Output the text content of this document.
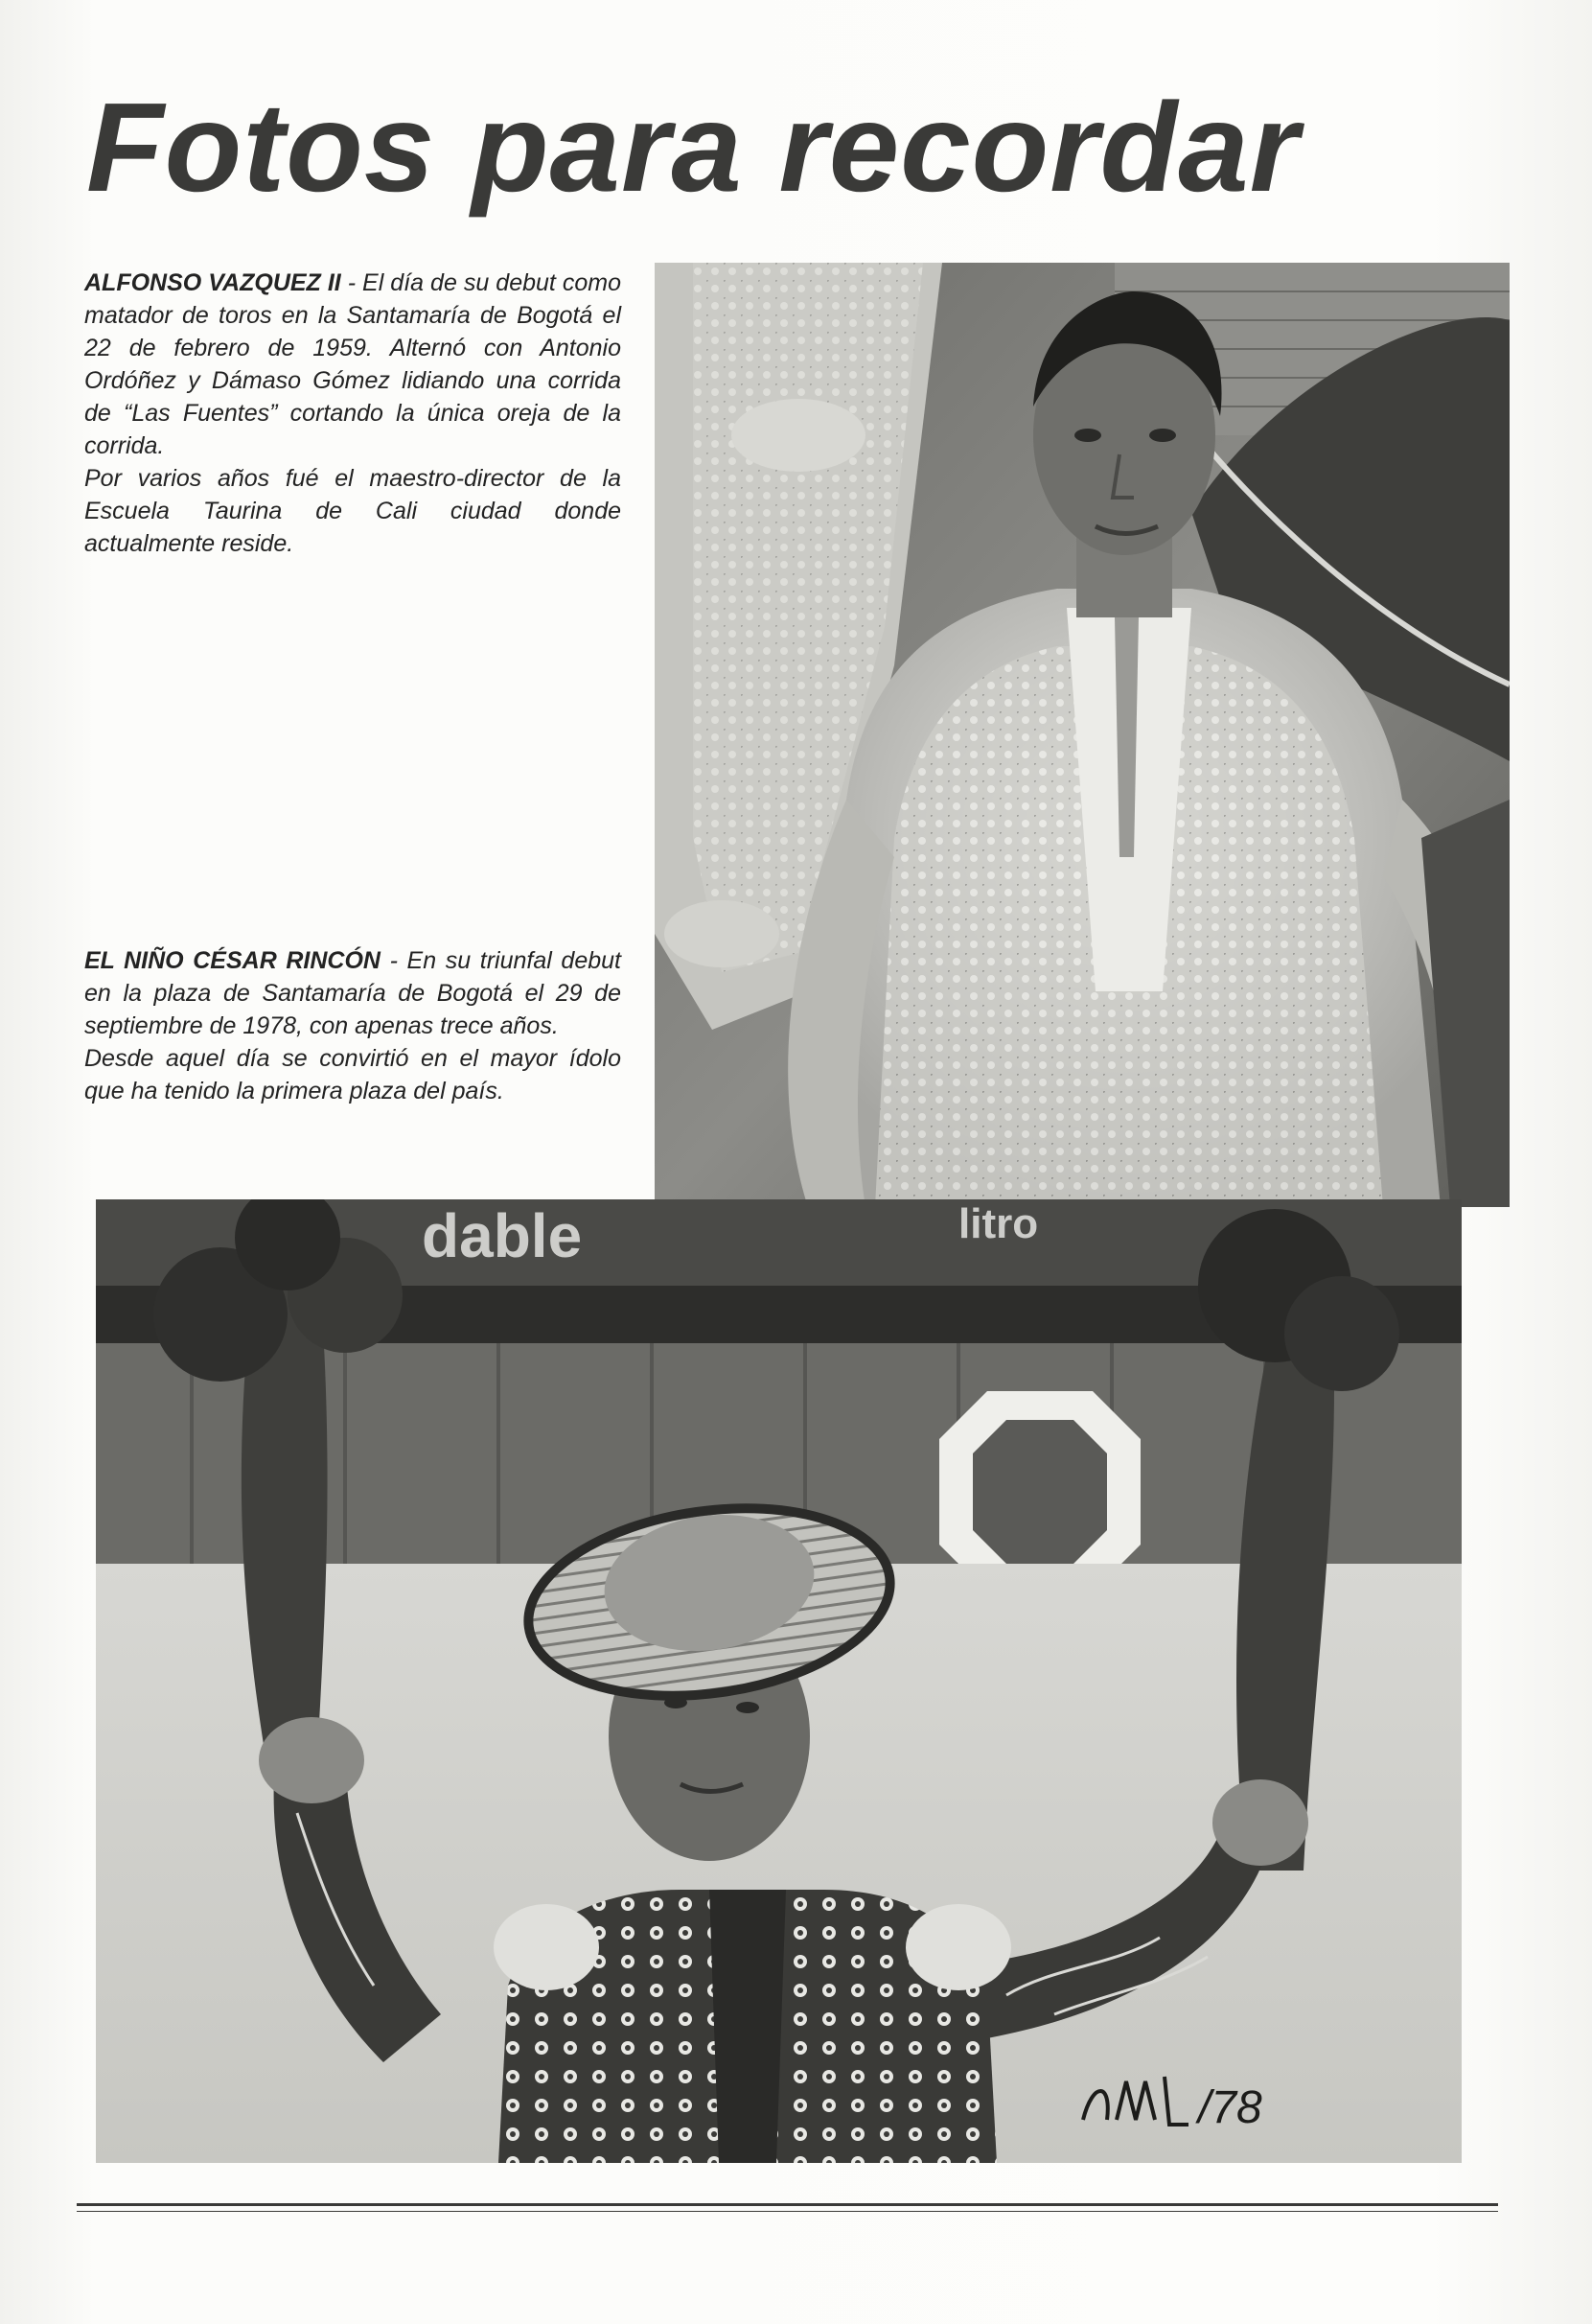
Fotos para recordar

ALFONSO VAZQUEZ II - El día de su debut como matador de toros en la Santamaría de Bogotá el 22 de febrero de 1959. Alternó con Antonio Ordóñez y Dámaso Gómez lidiando una corrida de “Las Fuentes” cortando la única oreja de la corrida.

Por varios años fué el maestro-director de la Escuela Taurina de Cali ciudad donde actualmente reside.

EL NIÑO CÉSAR RINCÓN - En su triunfal debut en la plaza de Santamaría de Bogotá el 29 de septiembre de 1978, con apenas trece años.

Desde aquel día se convirtió en el mayor ídolo que ha tenido la primera plaza del país.

dable	litro
/78
